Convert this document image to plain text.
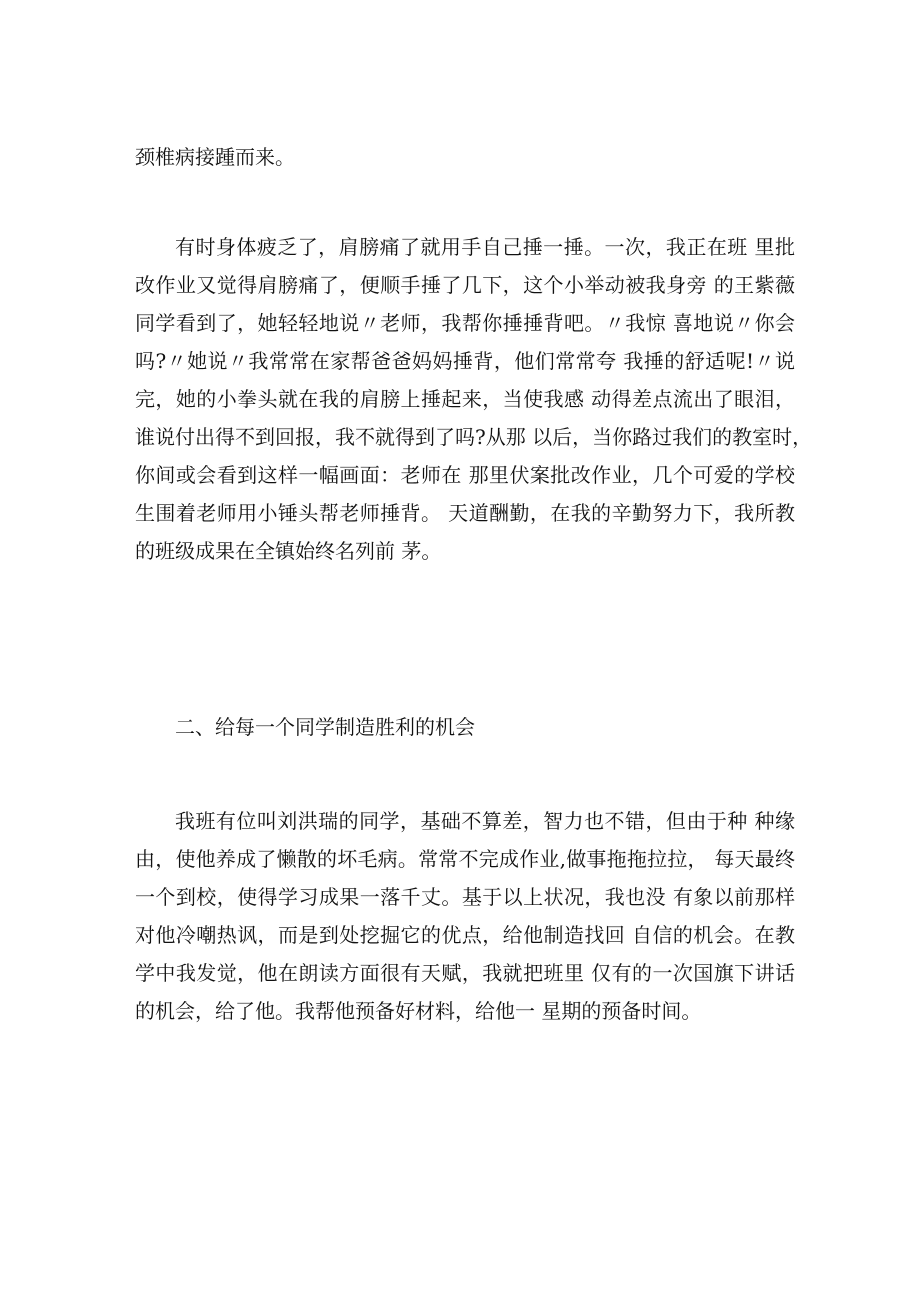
颈椎病接踵而来。
有时身体疲乏了，肩膀痛了就用手自己捶一捶。一次，我正在班 里批
改作业又觉得肩膀痛了，便顺手捶了几下，这个小举动被我身旁 的王紫薇
同学看到了，她轻轻地说〃老师，我帮你捶捶背吧。〃我惊 喜地说〃你会
吗?〃她说〃我常常在家帮爸爸妈妈捶背，他们常常夸 我捶的舒适呢!〃说
完，她的小拳头就在我的肩膀上捶起来，当使我感 动得差点流出了眼泪，
谁说付出得不到回报，我不就得到了吗?从那 以后，当你路过我们的教室时，
你间或会看到这样一幅画面：老师在 那里伏案批改作业，几个可爱的学校
生围着老师用小锤头帮老师捶背。 天道酬勤，在我的辛勤努力下，我所教
的班级成果在全镇始终名列前 茅。
二、给每一个同学制造胜利的机会
我班有位叫刘洪瑞的同学，基础不算差，智力也不错，但由于种 种缘
由，使他养成了懒散的坏毛病。常常不完成作业,做事拖拖拉拉， 每天最终
一个到校，使得学习成果一落千丈。基于以上状况，我也没 有象以前那样
对他冷嘲热讽，而是到处挖掘它的优点，给他制造找回 自信的机会。在教
学中我发觉，他在朗读方面很有天赋，我就把班里 仅有的一次国旗下讲话
的机会，给了他。我帮他预备好材料，给他一 星期的预备时间。
